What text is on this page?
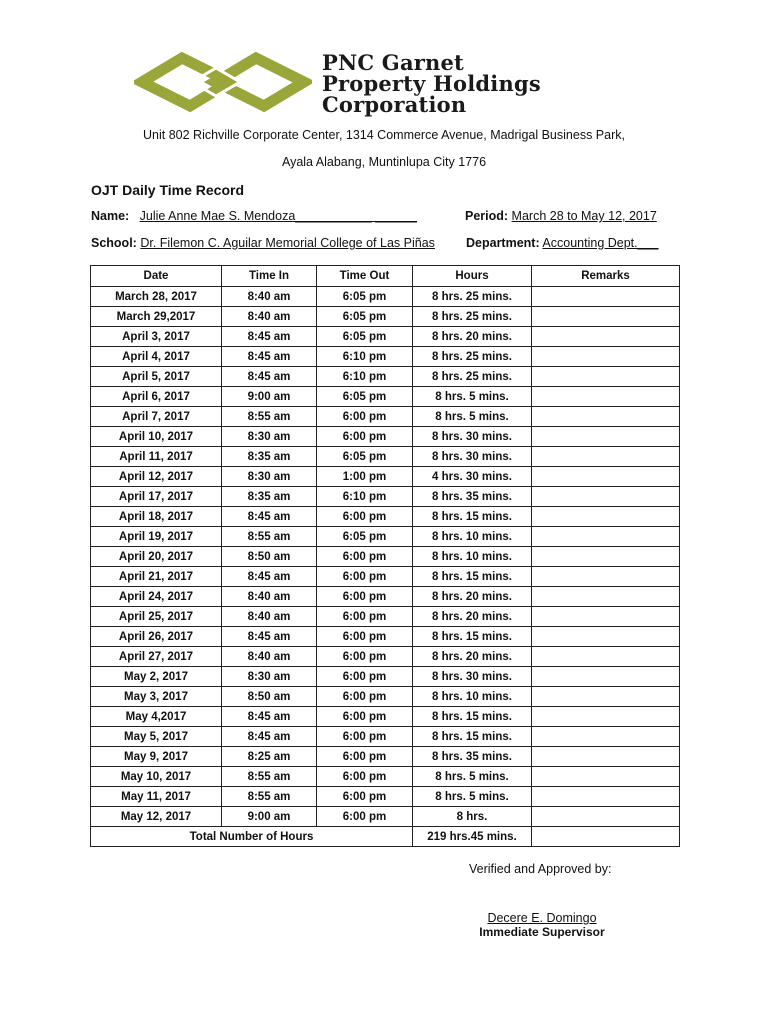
PNC Garnet
Property Holdings
Corporation
Unit 802 Richville Corporate Center, 1314 Commerce Avenue, Madrigal Business Park,
Ayala Alabang, Muntinlupa City 1776
OJT Daily Time Record
Name: Julie Anne Mae S. Mendoza___________ ______	Period: March 28 to May 12, 2017
School: Dr. Filemon C. Aguilar Memorial College of Las Piñas Department: Accounting Dept.___
Date	Time In	Time Out	Hours	Remarks
March 28, 2017	8:40 am	6:05 pm	8 hrs. 25 mins.	
March 29,2017	8:40 am	6:05 pm	8 hrs. 25 mins.	
April 3, 2017	8:45 am	6:05 pm	8 hrs. 20 mins.	
April 4, 2017	8:45 am	6:10 pm	8 hrs. 25 mins.	
April 5, 2017	8:45 am	6:10 pm	8 hrs. 25 mins.	
April 6, 2017	9:00 am	6:05 pm	8 hrs. 5 mins.	
April 7, 2017	8:55 am	6:00 pm	8 hrs. 5 mins.	
April 10, 2017	8:30 am	6:00 pm	8 hrs. 30 mins.	
April 11, 2017	8:35 am	6:05 pm	8 hrs. 30 mins.	
April 12, 2017	8:30 am	1:00 pm	4 hrs. 30 mins.	
April 17, 2017	8:35 am	6:10 pm	8 hrs. 35 mins.	
April 18, 2017	8:45 am	6:00 pm	8 hrs. 15 mins.	
April 19, 2017	8:55 am	6:05 pm	8 hrs. 10 mins.	
April 20, 2017	8:50 am	6:00 pm	8 hrs. 10 mins.	
April 21, 2017	8:45 am	6:00 pm	8 hrs. 15 mins.	
April 24, 2017	8:40 am	6:00 pm	8 hrs. 20 mins.	
April 25, 2017	8:40 am	6:00 pm	8 hrs. 20 mins.	
April 26, 2017	8:45 am	6:00 pm	8 hrs. 15 mins.	
April 27, 2017	8:40 am	6:00 pm	8 hrs. 20 mins.	
May 2, 2017	8:30 am	6:00 pm	8 hrs. 30 mins.	
May 3, 2017	8:50 am	6:00 pm	8 hrs. 10 mins.	
May 4,2017	8:45 am	6:00 pm	8 hrs. 15 mins.	
May 5, 2017	8:45 am	6:00 pm	8 hrs. 15 mins.	
May 9, 2017	8:25 am	6:00 pm	8 hrs. 35 mins.	
May 10, 2017	8:55 am	6:00 pm	8 hrs. 5 mins.	
May 11, 2017	8:55 am	6:00 pm	8 hrs. 5 mins.	
May 12, 2017	9:00 am	6:00 pm	8 hrs.	
Total Number of Hours			219 hrs.45 mins.	
Verified and Approved by:
Decere E. Domingo
Immediate Supervisor
